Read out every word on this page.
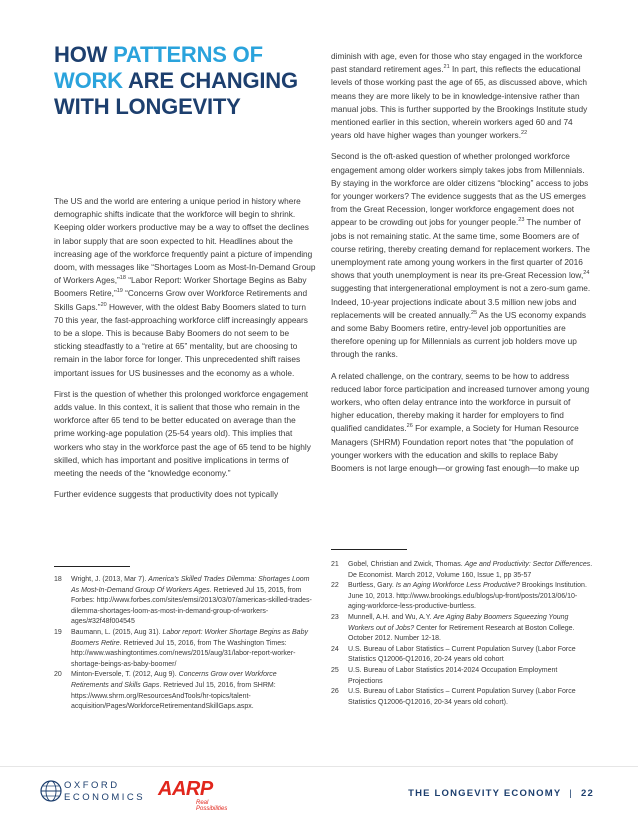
HOW PATTERNS OF
WORK ARE CHANGING WITH LONGEVITY

The US and the world are entering a unique period in history where demographic shifts indicate that the workforce will begin to shrink. Keeping older workers productive may be a way to offset the declines in labor supply that are soon expected to hit. Headlines about the increasing age of the workforce frequently paint a picture of impending doom, with messages like “Shortages Loom as Most-In-Demand Group of Workers Ages,”$^{18}$ “Labor Report: Worker Shortage Begins as Baby Boomers Retire,”$^{19}$ “Concerns Grow over Workforce Retirements and Skills Gaps.”$^{20}$ However, with the oldest Baby Boomers slated to turn 70 this year, the fast-approaching workforce cliff increasingly appears to be a slope. This is because Baby Boomers do not seem to be sticking steadfastly to a “retire at 65” mentality, but are choosing to remain in the labor force for longer. This unprecedented shift raises important issues for US businesses and the economy as a whole.

First is the question of whether this prolonged workforce engagement adds value. In this context, it is salient that those who remain in the workforce after 65 tend to be better educated on average than the prime working-age population (25-54 years old). This implies that workers who stay in the workforce past the age of 65 tend to be highly skilled, which has important and positive implications in terms of meeting the needs of the “knowledge economy.”

Further evidence suggests that productivity does not typically

diminish with age, even for those who stay engaged in the workforce past standard retirement ages.$^{21}$ In part, this reflects the educational levels of those working past the age of 65, as discussed above, which means they are more likely to be in knowledge-intensive rather than manual jobs. This is further supported by the Brookings Institute study mentioned earlier in this section, wherein workers aged 60 and 74 years old have higher wages than younger workers.$^{22}$

Second is the oft-asked question of whether prolonged workforce engagement among older workers simply takes jobs from Millennials. By staying in the workforce are older citizens “blocking” access to jobs for younger workers? The evidence suggests that as the US emerges from the Great Recession, longer workforce engagement does not appear to be crowding out jobs for younger people.$^{23}$ The number of jobs is not remaining static. At the same time, some Boomers are of course retiring, thereby creating demand for replacement workers. The unemployment rate among young workers in the first quarter of 2016 shows that youth unemployment is near its pre-Great Recession low,$^{24}$ suggesting that intergenerational employment is not a zero-sum game. Indeed, 10-year projections indicate about 3.5 million new jobs and replacements will be created annually.$^{25}$ As the US economy expands and some Baby Boomers retire, entry-level job opportunities are therefore opening up for Millennials as current job holders move up through the ranks.

A related challenge, on the contrary, seems to be how to address reduced labor force participation and increased turnover among young workers, who often delay entrance into the workforce in pursuit of higher education, thereby making it harder for employers to find qualified candidates.$^{26}$ For example, a Society for Human Resource Managers (SHRM) Foundation report notes that “the population of younger workers with the education and skills to replace Baby Boomers is not large enough—or growing fast enough—to make up

18	Wright, J. (2013, Mar 7). America’s Skilled Trades Dilemma: Shortages Loom As Most-In-Demand Group Of Workers Ages. Retrieved Jul 15, 2015, from Forbes: http://www.forbes.com/sites/emsi/2013/03/07/americas-skilled-trades-dilemma-shortages-loom-as-most-in-demand-group-of-workers-ages/#32f48f004545
19	Baumann, L. (2015, Aug 31). Labor report: Worker Shortage Begins as Baby Boomers Retire. Retrieved Jul 15, 2016, from The Washington Times: http://www.washingtontimes.com/news/2015/aug/31/labor-report-worker-shortage-beings-as-baby-boomer/
20	Minton-Eversole, T. (2012, Aug 9). Concerns Grow over Workforce Retirements and Skills Gaps. Retrieved Jul 15, 2016, from SHRM: https://www.shrm.org/ResourcesAndTools/hr-topics/talent-acquisition/Pages/WorkforceRetirementandSkillGaps.aspx.
21	Gobel, Christian and Zwick, Thomas. Age and Productivity: Sector Differences. De Economist. March 2012, Volume 160, Issue 1, pp 35-57
22	Burtless, Gary. Is an Aging Workforce Less Productive? Brookings Institution. June 10, 2013. http://www.brookings.edu/blogs/up-front/posts/2013/06/10-aging-workforce-less-productive-burtless.
23	Munnell, A.H. and Wu, A.Y. Are Aging Baby Boomers Squeezing Young Workers out of Jobs? Center for Retirement Research at Boston College. October 2012. Number 12-18.
24	U.S. Bureau of Labor Statistics – Current Population Survey (Labor Force Statistics Q12006-Q12016, 20-24 years old cohort
25	U.S. Bureau of Labor Statistics 2014-2024 Occupation Employment Projections
26	U.S. Bureau of Labor Statistics – Current Population Survey (Labor Force Statistics Q12006-Q12016, 20-34 years old cohort).
OXFORD
ECONOMICS AARP
Real Possibilities
THE LONGEVITY ECONOMY | 22
